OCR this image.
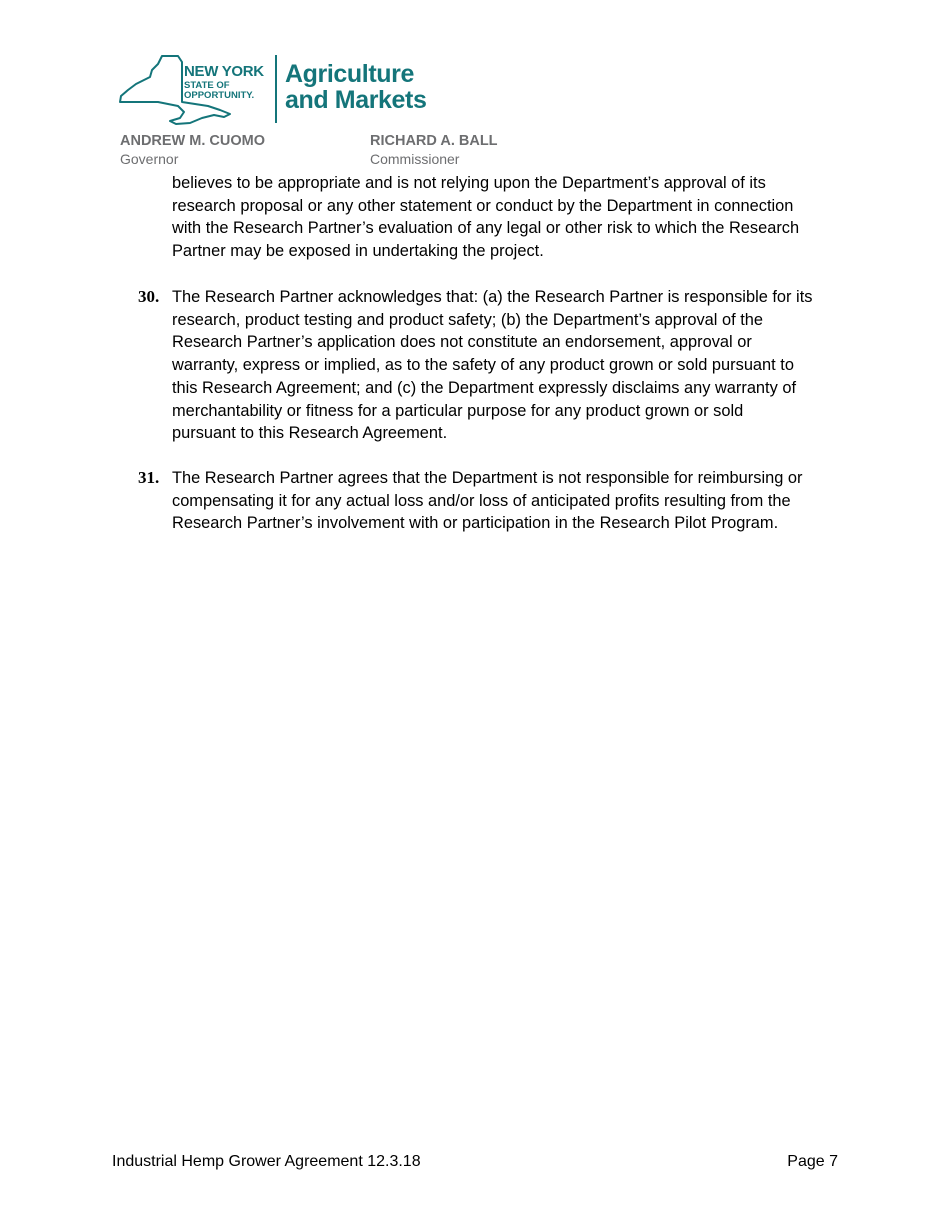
NEW YORK
STATE OF
OPPORTUNITY.
Agriculture
and Markets
ANDREW M. CUOMO
Governor
RICHARD A. BALL
Commissioner
believes to be appropriate and is not relying upon the Department’s approval of its
research proposal or any other statement or conduct by the Department in connection
with the Research Partner’s evaluation of any legal or other risk to which the Research
Partner may be exposed in undertaking the project.
30. The Research Partner acknowledges that: (a) the Research Partner is responsible for its
research, product testing and product safety; (b) the Department’s approval of the
Research Partner’s application does not constitute an endorsement, approval or
warranty, express or implied, as to the safety of any product grown or sold pursuant to
this Research Agreement; and (c) the Department expressly disclaims any warranty of
merchantability or fitness for a particular purpose for any product grown or sold
pursuant to this Research Agreement.
31. The Research Partner agrees that the Department is not responsible for reimbursing or
compensating it for any actual loss and/or loss of anticipated profits resulting from the
Research Partner’s involvement with or participation in the Research Pilot Program.
Industrial Hemp Grower Agreement 12.3.18	Page 7
